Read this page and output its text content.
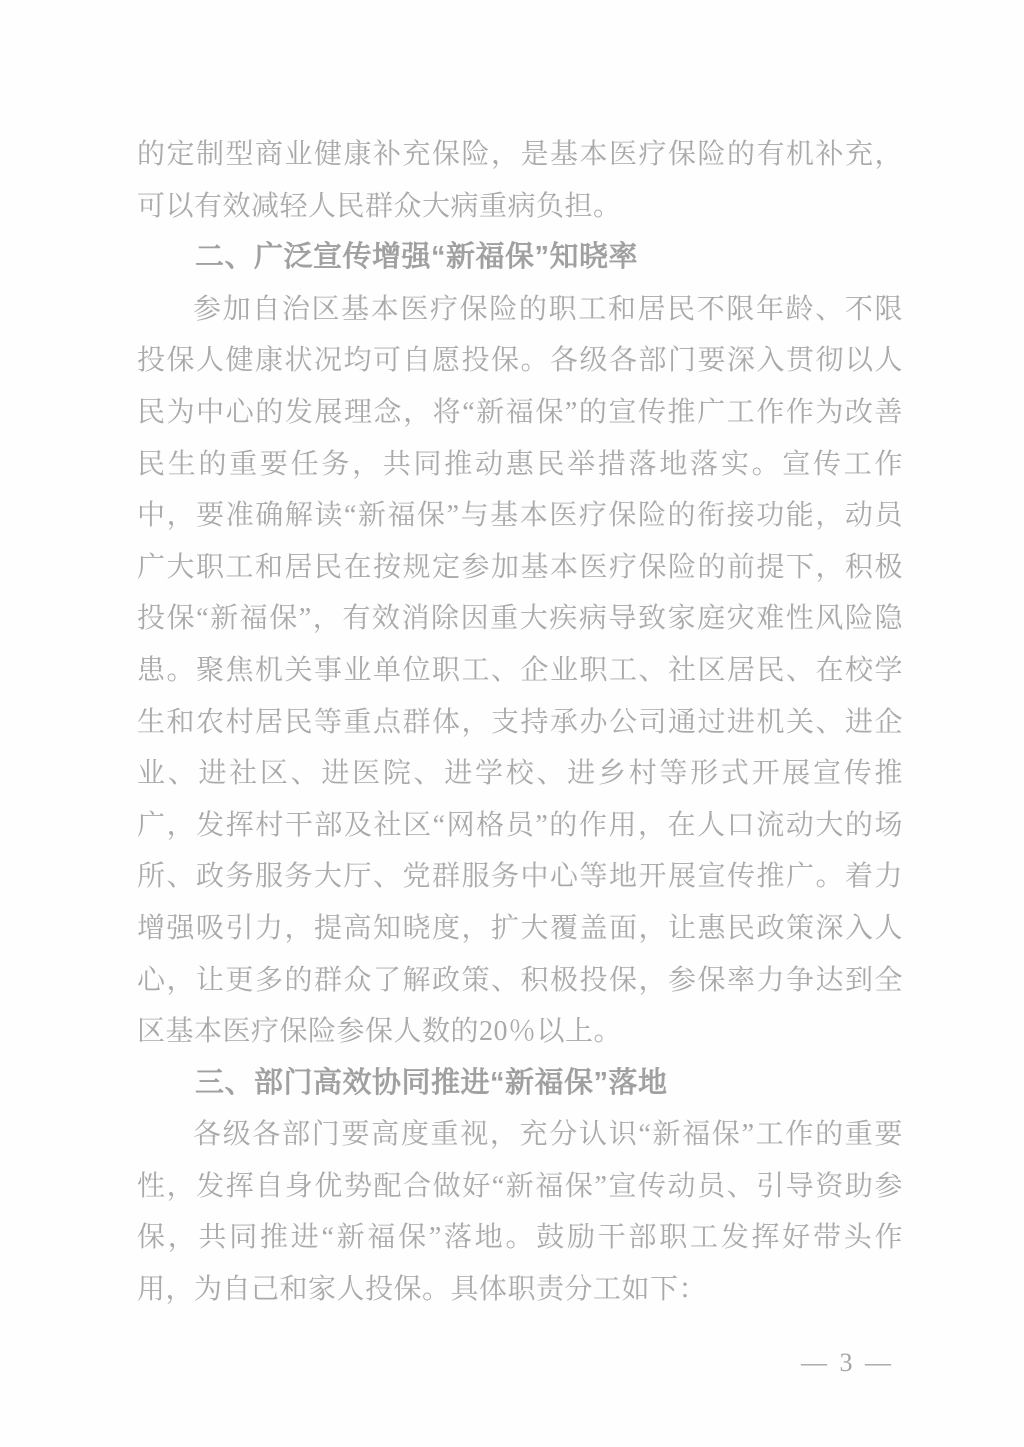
的定制型商业健康补充保险，是基本医疗保险的有机补充，可以有效减轻人民群众大病重病负担。

二、广泛宣传增强“新福保”知晓率

参加自治区基本医疗保险的职工和居民不限年龄、不限投保人健康状况均可自愿投保。各级各部门要深入贯彻以人民为中心的发展理念，将“新福保”的宣传推广工作作为改善民生的重要任务，共同推动惠民举措落地落实。宣传工作中，要准确解读“新福保”与基本医疗保险的衔接功能，动员广大职工和居民在按规定参加基本医疗保险的前提下，积极投保“新福保”，有效消除因重大疾病导致家庭灾难性风险隐患。聚焦机关事业单位职工、企业职工、社区居民、在校学生和农村居民等重点群体，支持承办公司通过进机关、进企业、进社区、进医院、进学校、进乡村等形式开展宣传推广，发挥村干部及社区“网格员”的作用，在人口流动大的场所、政务服务大厅、党群服务中心等地开展宣传推广。着力增强吸引力，提高知晓度，扩大覆盖面，让惠民政策深入人心，让更多的群众了解政策、积极投保，参保率力争达到全区基本医疗保险参保人数的20％以上。

三、部门高效协同推进“新福保”落地

各级各部门要高度重视，充分认识“新福保”工作的重要性，发挥自身优势配合做好“新福保”宣传动员、引导资助参保，共同推进“新福保”落地。鼓励干部职工发挥好带头作用，为自己和家人投保。具体职责分工如下：

— 3 —
